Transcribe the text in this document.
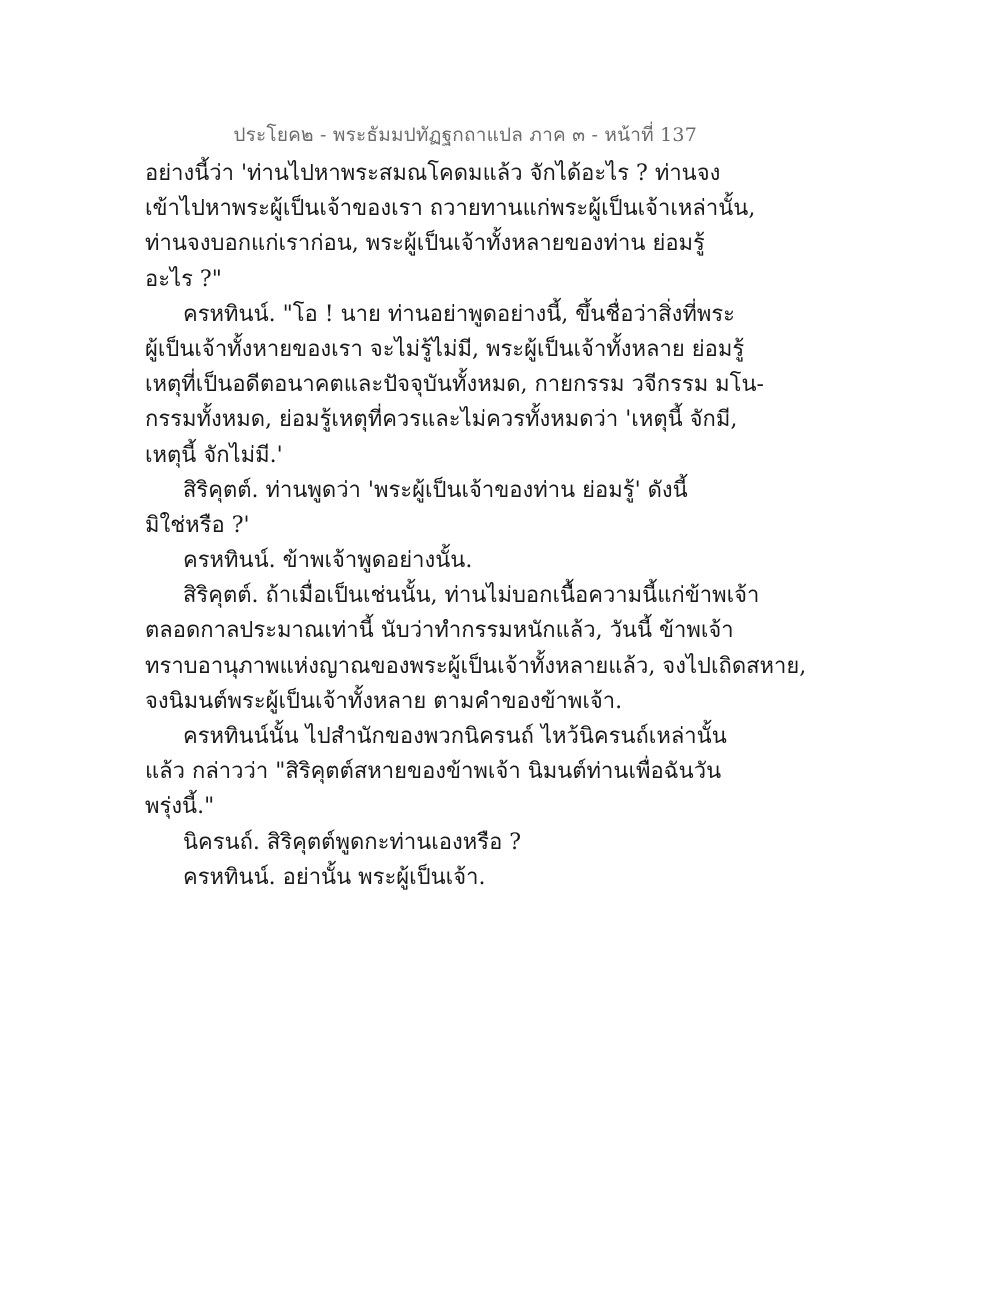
ประโยค๒ - พระธัมมปทัฏฐกถาแปล ภาค ๓ - หน้าที่ 137
อย่างนี้ว่า 'ท่านไปหาพระสมณโคดมแล้ว จักได้อะไร ? ท่านจง
เข้าไปหาพระผู้เป็นเจ้าของเรา ถวายทานแก่พระผู้เป็นเจ้าเหล่านั้น,
ท่านจงบอกแก่เราก่อน, พระผู้เป็นเจ้าทั้งหลายของท่าน ย่อมรู้
อะไร ?"
ครหทินน์. "โอ ! นาย ท่านอย่าพูดอย่างนี้, ขึ้นชื่อว่าสิ่งที่พระ
ผู้เป็นเจ้าทั้งหายของเรา จะไม่รู้ไม่มี, พระผู้เป็นเจ้าทั้งหลาย ย่อมรู้
เหตุที่เป็นอดีตอนาคตและปัจจุบันทั้งหมด, กายกรรม วจีกรรม มโน-
กรรมทั้งหมด, ย่อมรู้เหตุที่ควรและไม่ควรทั้งหมดว่า 'เหตุนี้ จักมี,
เหตุนี้ จักไม่มี.'
สิริคุตต์. ท่านพูดว่า 'พระผู้เป็นเจ้าของท่าน ย่อมรู้' ดังนี้
มิใช่หรือ ?'
ครหทินน์. ข้าพเจ้าพูดอย่างนั้น.
สิริคุตต์. ถ้าเมื่อเป็นเช่นนั้น, ท่านไม่บอกเนื้อความนี้แก่ข้าพเจ้า
ตลอดกาลประมาณเท่านี้ นับว่าทำกรรมหนักแล้ว, วันนี้ ข้าพเจ้า
ทราบอานุภาพแห่งญาณของพระผู้เป็นเจ้าทั้งหลายแล้ว, จงไปเถิดสหาย,
จงนิมนต์พระผู้เป็นเจ้าทั้งหลาย ตามคำของข้าพเจ้า.
ครหทินน์นั้น ไปสำนักของพวกนิครนถ์ ไหว้นิครนถ์เหล่านั้น
แล้ว กล่าวว่า "สิริคุตต์สหายของข้าพเจ้า นิมนต์ท่านเพื่อฉันวัน
พรุ่งนี้."
นิครนถ์. สิริคุตต์พูดกะท่านเองหรือ ?
ครหทินน์. อย่านั้น พระผู้เป็นเจ้า.
